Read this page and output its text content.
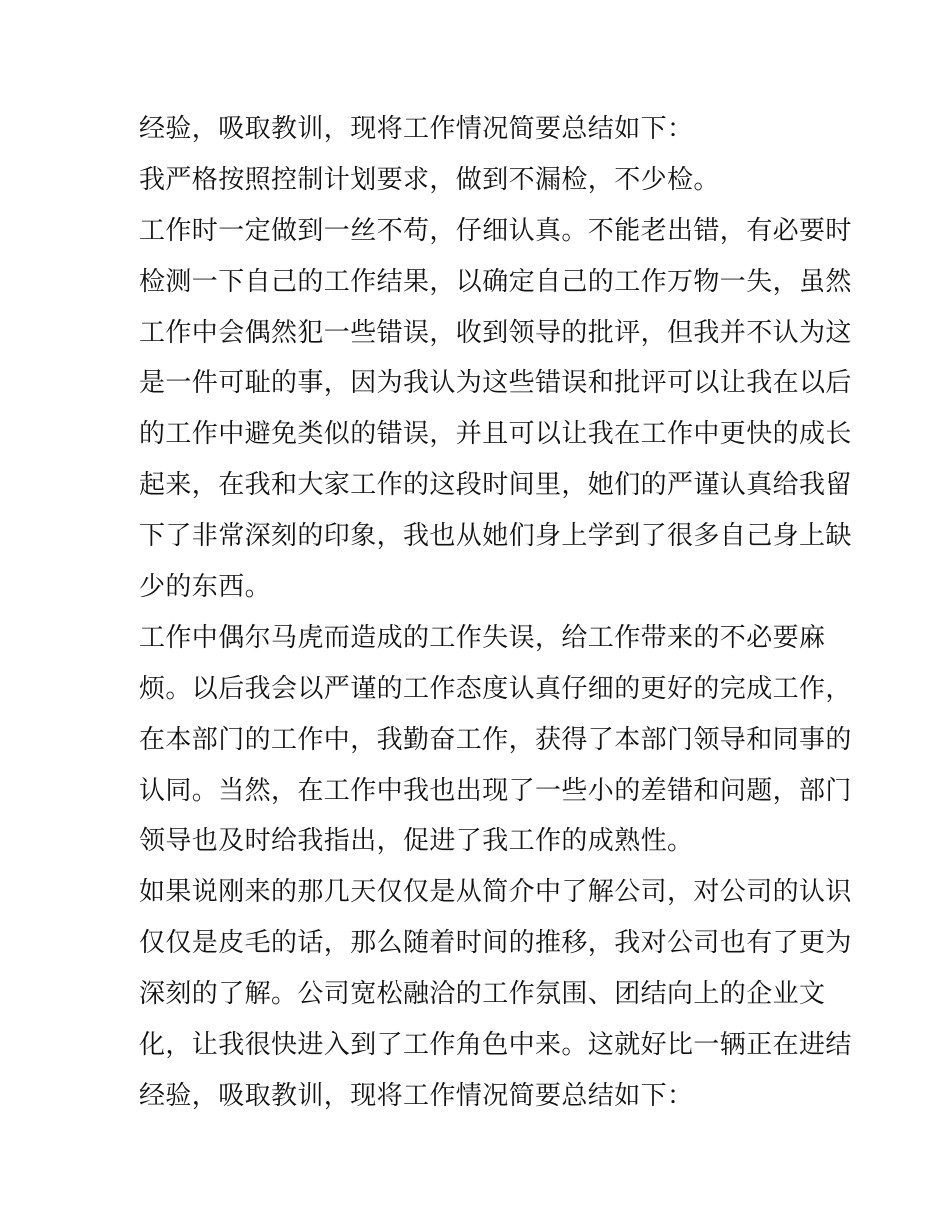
经验，吸取教训，现将工作情况简要总结如下：
我严格按照控制计划要求，做到不漏检，不少检。
工作时一定做到一丝不苟，仔细认真。不能老出错，有必要时
检测一下自己的工作结果，以确定自己的工作万物一失，虽然
工作中会偶然犯一些错误，收到领导的批评，但我并不认为这
是一件可耻的事，因为我认为这些错误和批评可以让我在以后
的工作中避免类似的错误，并且可以让我在工作中更快的成长
起来，在我和大家工作的这段时间里，她们的严谨认真给我留
下了非常深刻的印象，我也从她们身上学到了很多自己身上缺
少的东西。
工作中偶尔马虎而造成的工作失误，给工作带来的不必要麻
烦。以后我会以严谨的工作态度认真仔细的更好的完成工作，
在本部门的工作中，我勤奋工作，获得了本部门领导和同事的
认同。当然，在工作中我也出现了一些小的差错和问题，部门
领导也及时给我指出，促进了我工作的成熟性。
如果说刚来的那几天仅仅是从简介中了解公司，对公司的认识
仅仅是皮毛的话，那么随着时间的推移，我对公司也有了更为
深刻的了解。公司宽松融洽的工作氛围、团结向上的企业文
化，让我很快进入到了工作角色中来。这就好比一辆正在进结
经验，吸取教训，现将工作情况简要总结如下：
